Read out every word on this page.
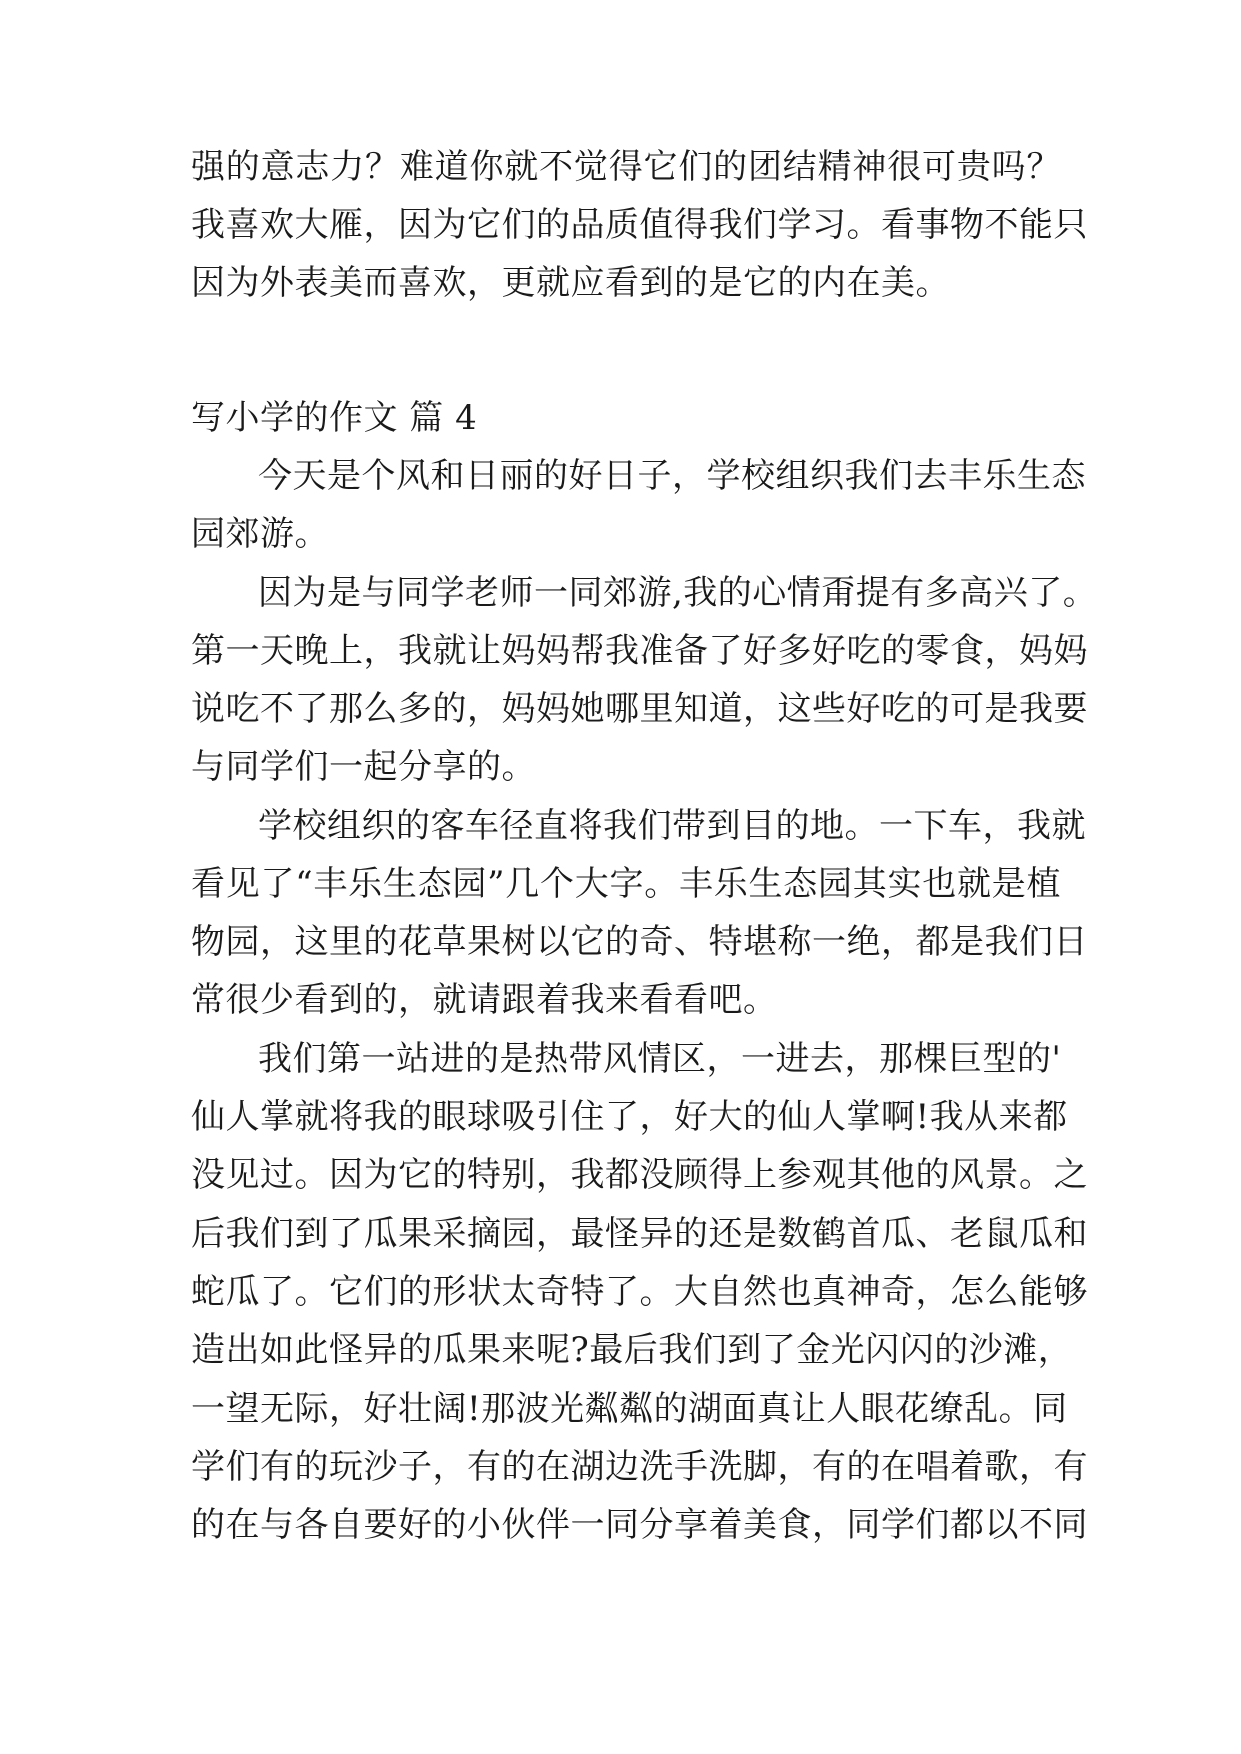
强的意志力？难道你就不觉得它们的团结精神很可贵吗？
我喜欢大雁，因为它们的品质值得我们学习。看事物不能只
因为外表美而喜欢，更就应看到的是它的内在美。
写小学的作文 篇 4
今天是个风和日丽的好日子，学校组织我们去丰乐生态
园郊游。
因为是与同学老师一同郊游,我的心情甭提有多高兴了。
第一天晚上，我就让妈妈帮我准备了好多好吃的零食，妈妈
说吃不了那么多的，妈妈她哪里知道，这些好吃的可是我要
与同学们一起分享的。
学校组织的客车径直将我们带到目的地。一下车，我就
看见了“丰乐生态园”几个大字。丰乐生态园其实也就是植
物园，这里的花草果树以它的奇、特堪称一绝，都是我们日
常很少看到的，就请跟着我来看看吧。
我们第一站进的是热带风情区，一进去，那棵巨型的'
仙人掌就将我的眼球吸引住了，好大的仙人掌啊!我从来都
没见过。因为它的特别，我都没顾得上参观其他的风景。之
后我们到了瓜果采摘园，最怪异的还是数鹤首瓜、老鼠瓜和
蛇瓜了。它们的形状太奇特了。大自然也真神奇，怎么能够
造出如此怪异的瓜果来呢?最后我们到了金光闪闪的沙滩，
一望无际，好壮阔!那波光粼粼的湖面真让人眼花缭乱。同
学们有的玩沙子，有的在湖边洗手洗脚，有的在唱着歌，有
的在与各自要好的小伙伴一同分享着美食，同学们都以不同
